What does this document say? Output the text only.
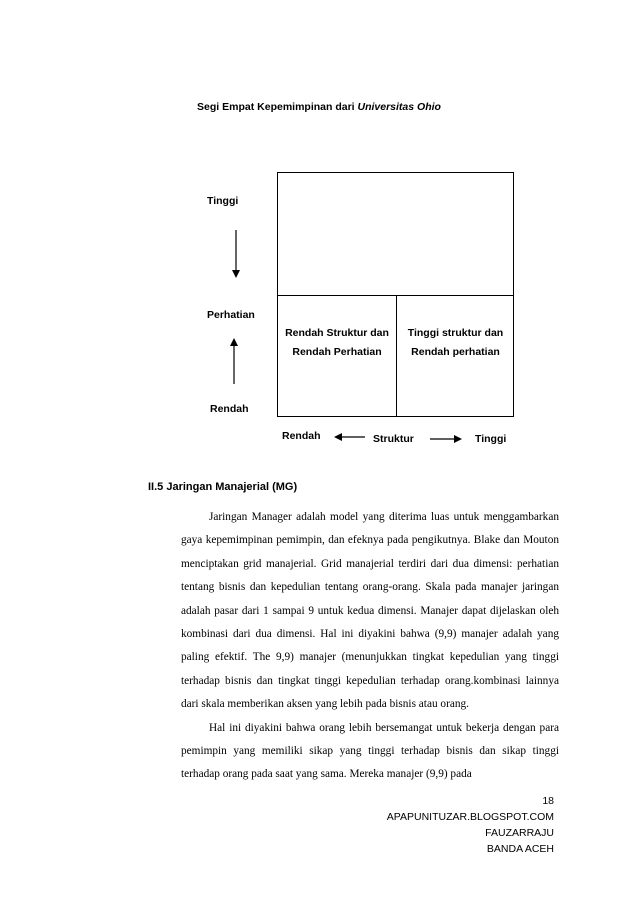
Segi Empat Kepemimpinan dari Universitas Ohio
Tinggi
Perhatian
Rendah
Rendah Struktur dan
Rendah Perhatian
Tinggi struktur dan
Rendah perhatian
Rendah	Struktur	Tinggi
II.5 Jaringan Manajerial (MG)

Jaringan Manager adalah model yang diterima luas untuk menggambarkan gaya kepemimpinan pemimpin, dan efeknya pada pengikutnya. Blake dan Mouton menciptakan grid manajerial. Grid manajerial terdiri dari dua dimensi: perhatian tentang bisnis dan kepedulian tentang orang-orang. Skala pada manajer jaringan adalah pasar dari 1 sampai 9 untuk kedua dimensi. Manajer dapat dijelaskan oleh kombinasi dari dua dimensi. Hal ini diyakini bahwa (9,9) manajer adalah yang paling efektif. The 9,9) manajer (menunjukkan tingkat kepedulian yang tinggi terhadap bisnis dan tingkat tinggi kepedulian terhadap orang.kombinasi lainnya dari skala memberikan aksen yang lebih pada bisnis atau orang.

Hal ini diyakini bahwa orang lebih bersemangat untuk bekerja dengan para pemimpin yang memiliki sikap yang tinggi terhadap bisnis dan sikap tinggi terhadap orang pada saat yang sama. Mereka manajer (9,9) pada

18
APAPUNITUZAR.BLOGSPOT.COM
FAUZARRAJU
BANDA ACEH
